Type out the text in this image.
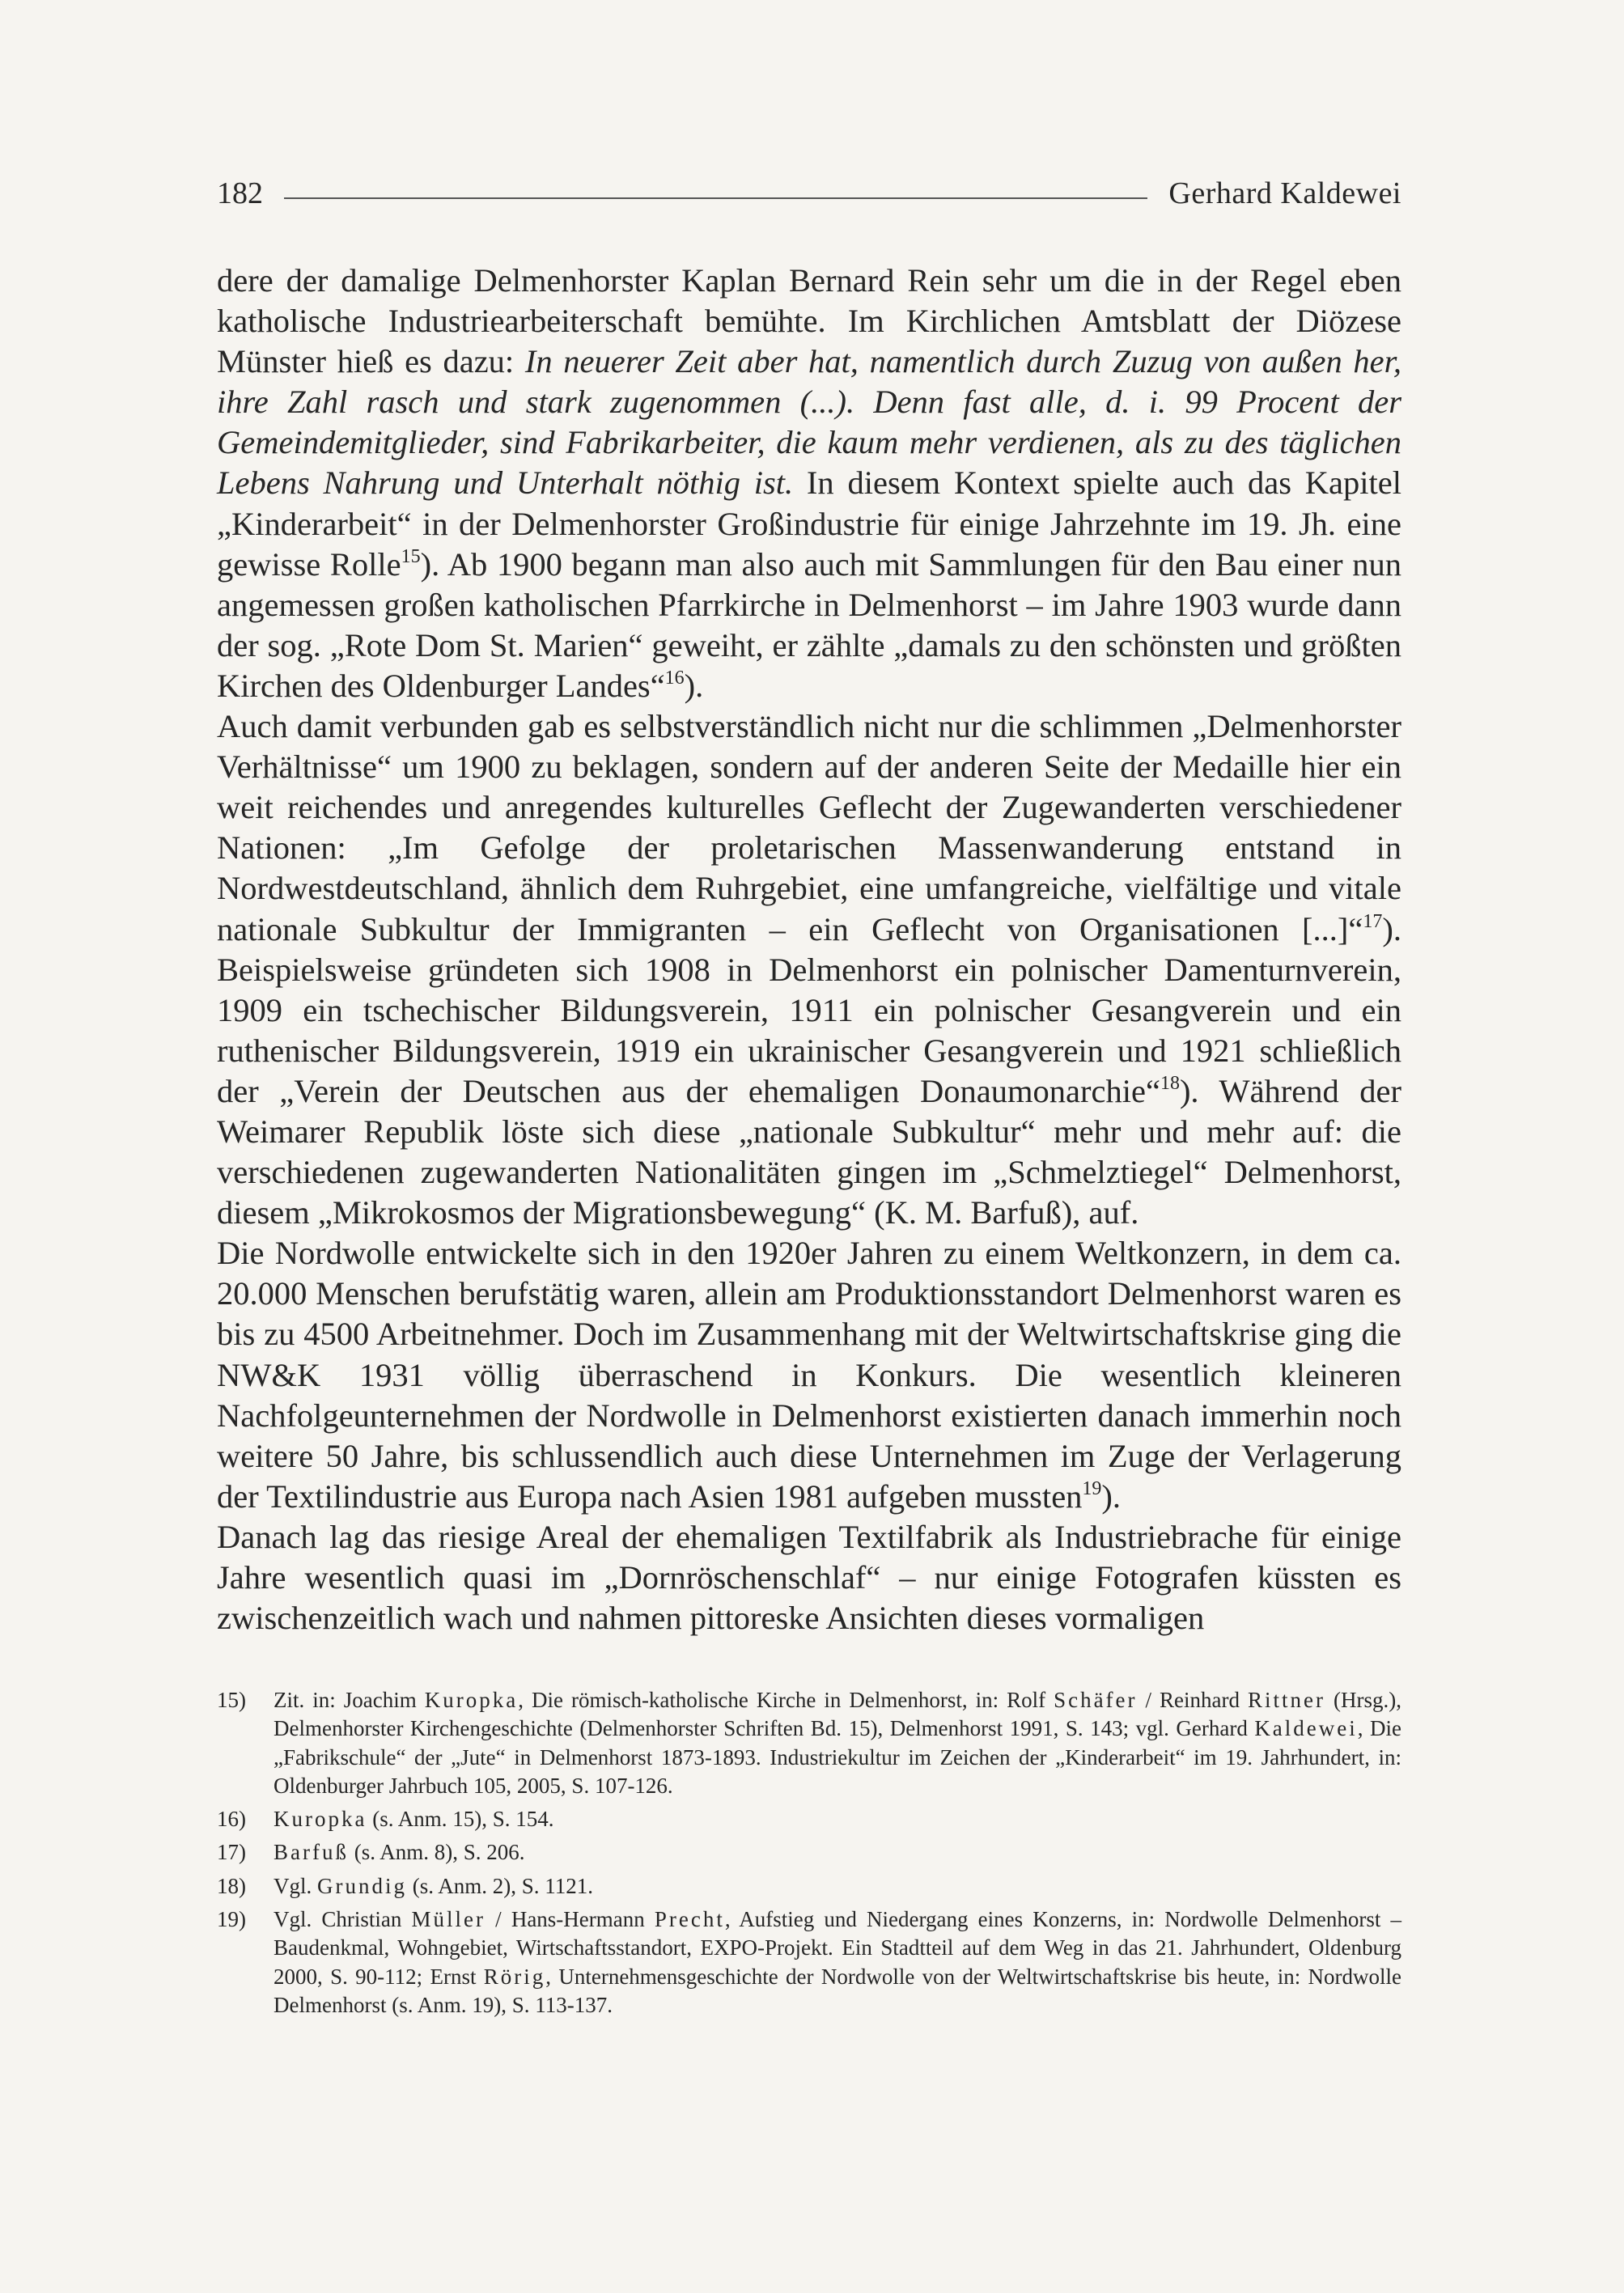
182	Gerhard Kaldewei

dere der damalige Delmenhorster Kaplan Bernard Rein sehr um die in der Regel eben katholische Industriearbeiterschaft bemühte. Im Kirchlichen Amtsblatt der Diözese Münster hieß es dazu: In neuerer Zeit aber hat, namentlich durch Zuzug von außen her, ihre Zahl rasch und stark zugenommen (...). Denn fast alle, d. i. 99 Procent der Gemeindemitglieder, sind Fabrikarbeiter, die kaum mehr verdienen, als zu des täglichen Lebens Nahrung und Unterhalt nöthig ist. In diesem Kontext spielte auch das Kapitel „Kinderarbeit“ in der Delmenhorster Großindustrie für einige Jahrzehnte im 19. Jh. eine gewisse Rolle$^{15}$). Ab 1900 begann man also auch mit Sammlungen für den Bau einer nun angemessen großen katholischen Pfarrkirche in Delmenhorst – im Jahre 1903 wurde dann der sog. „Rote Dom St. Marien“ geweiht, er zählte „damals zu den schönsten und größten Kirchen des Oldenburger Landes“$^{16}$).

Auch damit verbunden gab es selbstverständlich nicht nur die schlimmen „Delmenhorster Verhältnisse“ um 1900 zu beklagen, sondern auf der anderen Seite der Medaille hier ein weit reichendes und anregendes kulturelles Geflecht der Zugewanderten verschiedener Nationen: „Im Gefolge der proletarischen Massenwanderung entstand in Nordwestdeutschland, ähnlich dem Ruhrgebiet, eine umfangreiche, vielfältige und vitale nationale Subkultur der Immigranten – ein Geflecht von Organisationen [...]“$^{17}$). Beispielsweise gründeten sich 1908 in Delmenhorst ein polnischer Damenturnverein, 1909 ein tschechischer Bildungsverein, 1911 ein polnischer Gesangverein und ein ruthenischer Bildungsverein, 1919 ein ukrainischer Gesangverein und 1921 schließlich der „Verein der Deutschen aus der ehemaligen Donaumonarchie“$^{18}$). Während der Weimarer Republik löste sich diese „nationale Subkultur“ mehr und mehr auf: die verschiedenen zugewanderten Nationalitäten gingen im „Schmelztiegel“ Delmenhorst, diesem „Mikrokosmos der Migrationsbewegung“ (K. M. Barfuß), auf.

Die Nordwolle entwickelte sich in den 1920er Jahren zu einem Weltkonzern, in dem ca. 20.000 Menschen berufstätig waren, allein am Produktionsstandort Delmenhorst waren es bis zu 4500 Arbeitnehmer. Doch im Zusammenhang mit der Weltwirtschaftskrise ging die NW&K 1931 völlig überraschend in Konkurs. Die wesentlich kleineren Nachfolgeunternehmen der Nordwolle in Delmenhorst existierten danach immerhin noch weitere 50 Jahre, bis schlussendlich auch diese Unternehmen im Zuge der Verlagerung der Textilindustrie aus Europa nach Asien 1981 aufgeben mussten$^{19}$).

Danach lag das riesige Areal der ehemaligen Textilfabrik als Industriebrache für einige Jahre wesentlich quasi im „Dornröschenschlaf“ – nur einige Fotografen küssten es zwischenzeitlich wach und nahmen pittoreske Ansichten dieses vormaligen

15)	Zit. in: Joachim Kuropka, Die römisch-katholische Kirche in Delmenhorst, in: Rolf Schäfer / Reinhard Rittner (Hrsg.), Delmenhorster Kirchengeschichte (Delmenhorster Schriften Bd. 15), Delmenhorst 1991, S. 143; vgl. Gerhard Kaldewei, Die „Fabrikschule“ der „Jute“ in Delmenhorst 1873-1893. Industriekultur im Zeichen der „Kinderarbeit“ im 19. Jahrhundert, in: Oldenburger Jahrbuch 105, 2005, S. 107-126.
16)	Kuropka (s. Anm. 15), S. 154.
17)	Barfuß (s. Anm. 8), S. 206.
18)	Vgl. Grundig (s. Anm. 2), S. 1121.
19)	Vgl. Christian Müller / Hans-Hermann Precht, Aufstieg und Niedergang eines Konzerns, in: Nordwolle Delmenhorst – Baudenkmal, Wohngebiet, Wirtschaftsstandort, EXPO-Projekt. Ein Stadtteil auf dem Weg in das 21. Jahrhundert, Oldenburg 2000, S. 90-112; Ernst Rörig, Unternehmensgeschichte der Nordwolle von der Weltwirtschaftskrise bis heute, in: Nordwolle Delmenhorst (s. Anm. 19), S. 113-137.
